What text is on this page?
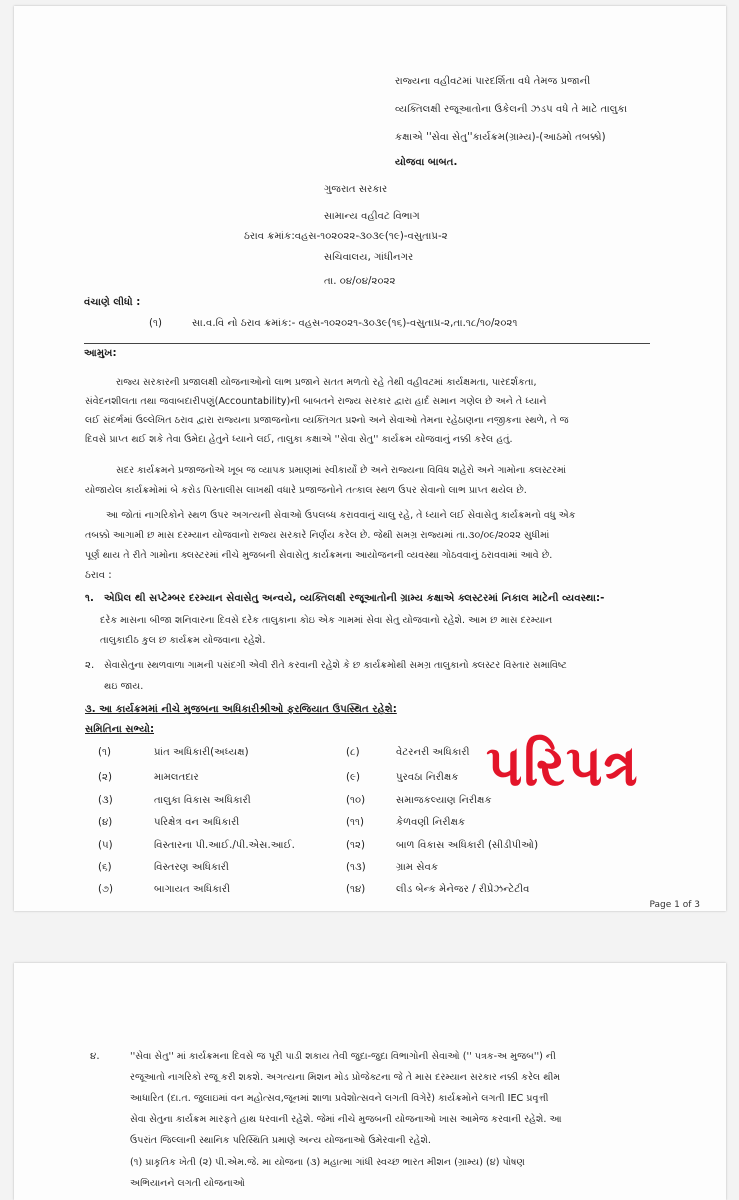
રાજ્યના વહીવટમાં પારદર્શિતા વધે તેમજ પ્રજાની
વ્યક્તિલક્ષી રજૂઆતોના ઉકેલની ઝડપ વધે તે માટે તાલુકા
કક્ષાએ ''સેવા સેતુ''કાર્યક્રમ(ગ્રામ્ય)-(આઠમો તબક્કો)
યોજવા બાબત.
ગુજરાત સરકાર
સામાન્ય વહીવટ વિભાગ
ઠરાવ ક્રમાંક:વહસ-૧૦૨૦૨૨-૩૦૩૯(૧૯)-વસુતાપ્ર-૨
સચિવાલય, ગાંધીનગર
તા. ૦૪/૦૪/૨૦૨૨
વંચાણે લીધો :
(૧)	સા.વ.વિ નો ઠરાવ ક્રમાંક:- વહસ-૧૦૨૦૨૧-૩૦૩૯(૧૬)-વસુતાપ્ર-૨,તા.૧૮/૧૦/૨૦૨૧
આમુખ:
રાજ્ય સરકારની પ્રજાલક્ષી યોજનાઓનો લાભ પ્રજાને સતત મળતો રહે તેથી વહીવટમાં કાર્યક્ષમતા, પારદર્શકતા,
સંવેદનશીલતા તથા જવાબદારીપણું(Accountability)ની બાબતને રાજ્ય સરકાર દ્વારા હાર્દ સમાન ગણેલ છે અને તે ધ્યાને
લઈ સંદર્ભમાં ઉલ્લેખિત ઠરાવ દ્વારા રાજ્યના પ્રજાજનોના વ્યક્તિગત પ્રશ્નો અને સેવાઓ તેમના રહેઠાણના નજીકના સ્થળે, તે જ
દિવસે પ્રાપ્ત થઈ શકે તેવા ઉમેદા હેતુને ધ્યાને લઈ, તાલુકા કક્ષાએ ''સેવા સેતુ'' કાર્યક્રમ યોજવાનું નક્કી કરેલ હતું.
સદર કાર્યક્રમને પ્રજાજનોએ ખૂબ જ વ્યાપક પ્રમાણમાં સ્વીકાર્યો છે અને રાજ્યના વિવિધ શહેરો અને ગામોના ક્લસ્ટરમાં
યોજાયેલ કાર્યક્રમોમાં બે કરોડ પિસ્તાલીસ લાખથી વધારે પ્રજાજનોને તત્કાલ સ્થળ ઉપર સેવાનો લાભ પ્રાપ્ત થયેલ છે.
આ જોતાં નાગરિકોને સ્થળ ઉપર અગત્યની સેવાઓ ઉપલબ્ધ કરાવવાનું ચાલુ રહે, તે ધ્યાને લઈ સેવાસેતુ કાર્યક્રમનો વધુ એક
તબક્કો આગામી છ માસ દરમ્યાન યોજવાનો રાજ્ય સરકારે નિર્ણય કરેલ છે. જેથી સમગ્ર રાજ્યમાં તા.૩૦/૦૯/૨૦૨૨ સુધીમાં
પૂર્ણ થાય તે રીતે ગામોના ક્લસ્ટરમાં નીચે મુજબની સેવાસેતુ કાર્યક્રમના આયોજનની વ્યવસ્થા ગોઠવવાનું ઠરાવવામાં આવે છે.
ઠરાવ :
૧. એપ્રિલ થી સપ્ટેમ્બર દરમ્યાન સેવાસેતુ અન્વયે, વ્યક્તિલક્ષી રજૂઆતોની ગ્રામ્ય કક્ષાએ ક્લસ્ટરમાં નિકાલ માટેની વ્યવસ્થા:-
દરેક માસના બીજા શનિવારના દિવસે દરેક તાલુકાના કોઇ એક ગામમાં સેવા સેતુ યોજવાનો રહેશે. આમ છ માસ દરમ્યાન
તાલુકાદીઠ કુલ છ કાર્યક્રમ યોજવાના રહેશે.
૨. સેવાસેતુના સ્થળવાળા ગામની પસંદગી એવી રીતે કરવાની રહેશે કે છ કાર્યક્રમોથી સમગ્ર તાલુકાનો ક્લસ્ટર વિસ્તાર સમાવિષ્ટ
થઇ જાય.
૩. આ કાર્યક્રમમાં નીચે મુજબના અધિકારીશ્રીઓ ફરજિયાત ઉપસ્થિત રહેશે:
સમિતિના સભ્યો:
(૧)	પ્રાંત અધિકારી(અધ્યક્ષ)
(૨)	મામલતદાર
(૩)	તાલુકા વિકાસ અધિકારી
(૪)	પરિક્ષેત્ર વન અધિકારી
(૫)	વિસ્તારના પી.આઈ./પી.એસ.આઈ.
(૬)	વિસ્તરણ અધિકારી
(૭)	બાગાયત અધિકારી
(૮)	વેટરનરી અધિકારી
(૯)	પુરવઠા નિરીક્ષક
(૧૦)	સમાજકલ્યાણ નિરીક્ષક
(૧૧)	કેળવણી નિરીક્ષક
(૧૨)	બાળ વિકાસ અધિકારી (સીડીપીઓ)
(૧૩)	ગ્રામ સેવક
(૧૪)	લીડ બેન્ક મેનેજર / રીપ્રેઝન્ટેટીવ
પરિપત્ર
Page 1 of 3
૪.	''સેવા સેતુ'' માં કાર્યક્રમના દિવસે જ પૂરી પાડી શકાય તેવી જુદા-જુદા વિભાગોની સેવાઓ ('' પત્રક-અ મુજબ'') ની
રજૂઆતો નાગરિકો રજૂ કરી શકશે. અગત્યના મિશન મોડ પ્રોજેક્ટના જે તે માસ દરમ્યાન સરકાર નક્કી કરેલ થીમ
આધારિત (દા.ત. જુલાઇમાં વન મહોત્સવ,જૂનમાં શાળા પ્રવેશોત્સવને લગતી વિગેરે) કાર્યક્રમોને લગતી IEC પ્રવૃત્તી
સેવા સેતુના કાર્યક્રમ મારફતે હાથ ધરવાની રહેશે. જેમાં નીચે મુજબની યોજનાઓ ખાસ આમેજ કરવાની રહેશે. આ
ઉપરાંત જિલ્લાની સ્થાનિક પરિસ્થિતિ પ્રમાણે અન્ય યોજનાઓ ઉમેરવાની રહેશે.
(૧) પ્રાકૃતિક ખેતી (૨) પી.એમ.જે. મા યોજના (૩) મહાત્મા ગાંધી સ્વચ્છ ભારત મીશન (ગ્રામ્ય) (૪) પોષણ
અભિયાનને લગતી યોજનાઓ
